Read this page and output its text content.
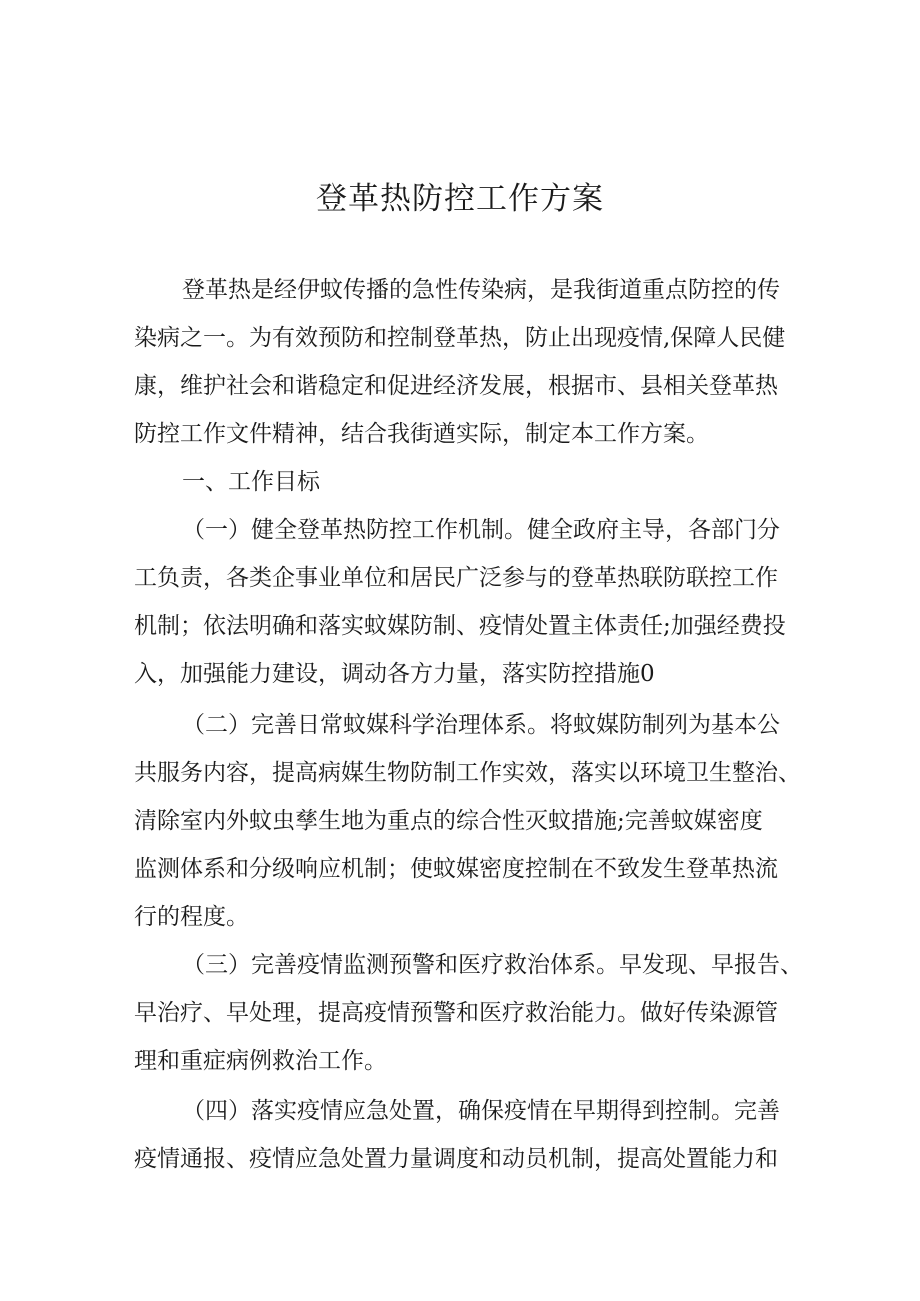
登革热防控工作方案
登革热是经伊蚊传播的急性传染病，是我街道重点防控的传
染病之一。为有效预防和控制登革热，防止出现疫情,保障人民健
康，维护社会和谐稳定和促进经济发展，根据市、县相关登革热
防控工作文件精神，结合我街遒实际，制定本工作方案。
一、工作目标
（一）健全登革热防控工作机制。健全政府主导，各部门分
工负责，各类企事业单位和居民广泛参与的登革热联防联控工作
机制；依法明确和落实蚊媒防制、疫情处置主体责任;加强经费投
入，加强能力建设，调动各方力量，落实防控措施0
（二）完善日常蚊媒科学治理体系。将蚊媒防制列为基本公
共服务内容，提高病媒生物防制工作实效，落实以环境卫生整治、
清除室内外蚊虫孳生地为重点的综合性灭蚊措施;完善蚊媒密度
监测体系和分级响应机制；使蚊媒密度控制在不致发生登革热流
行的程度。
（三）完善疫情监测预警和医疗救治体系。早发现、早报告、
早治疗、早处理，提高疫情预警和医疗救治能力。做好传染源管
理和重症病例救治工作。
（四）落实疫情应急处置，确保疫情在早期得到控制。完善
疫情通报、疫情应急处置力量调度和动员机制，提高处置能力和
